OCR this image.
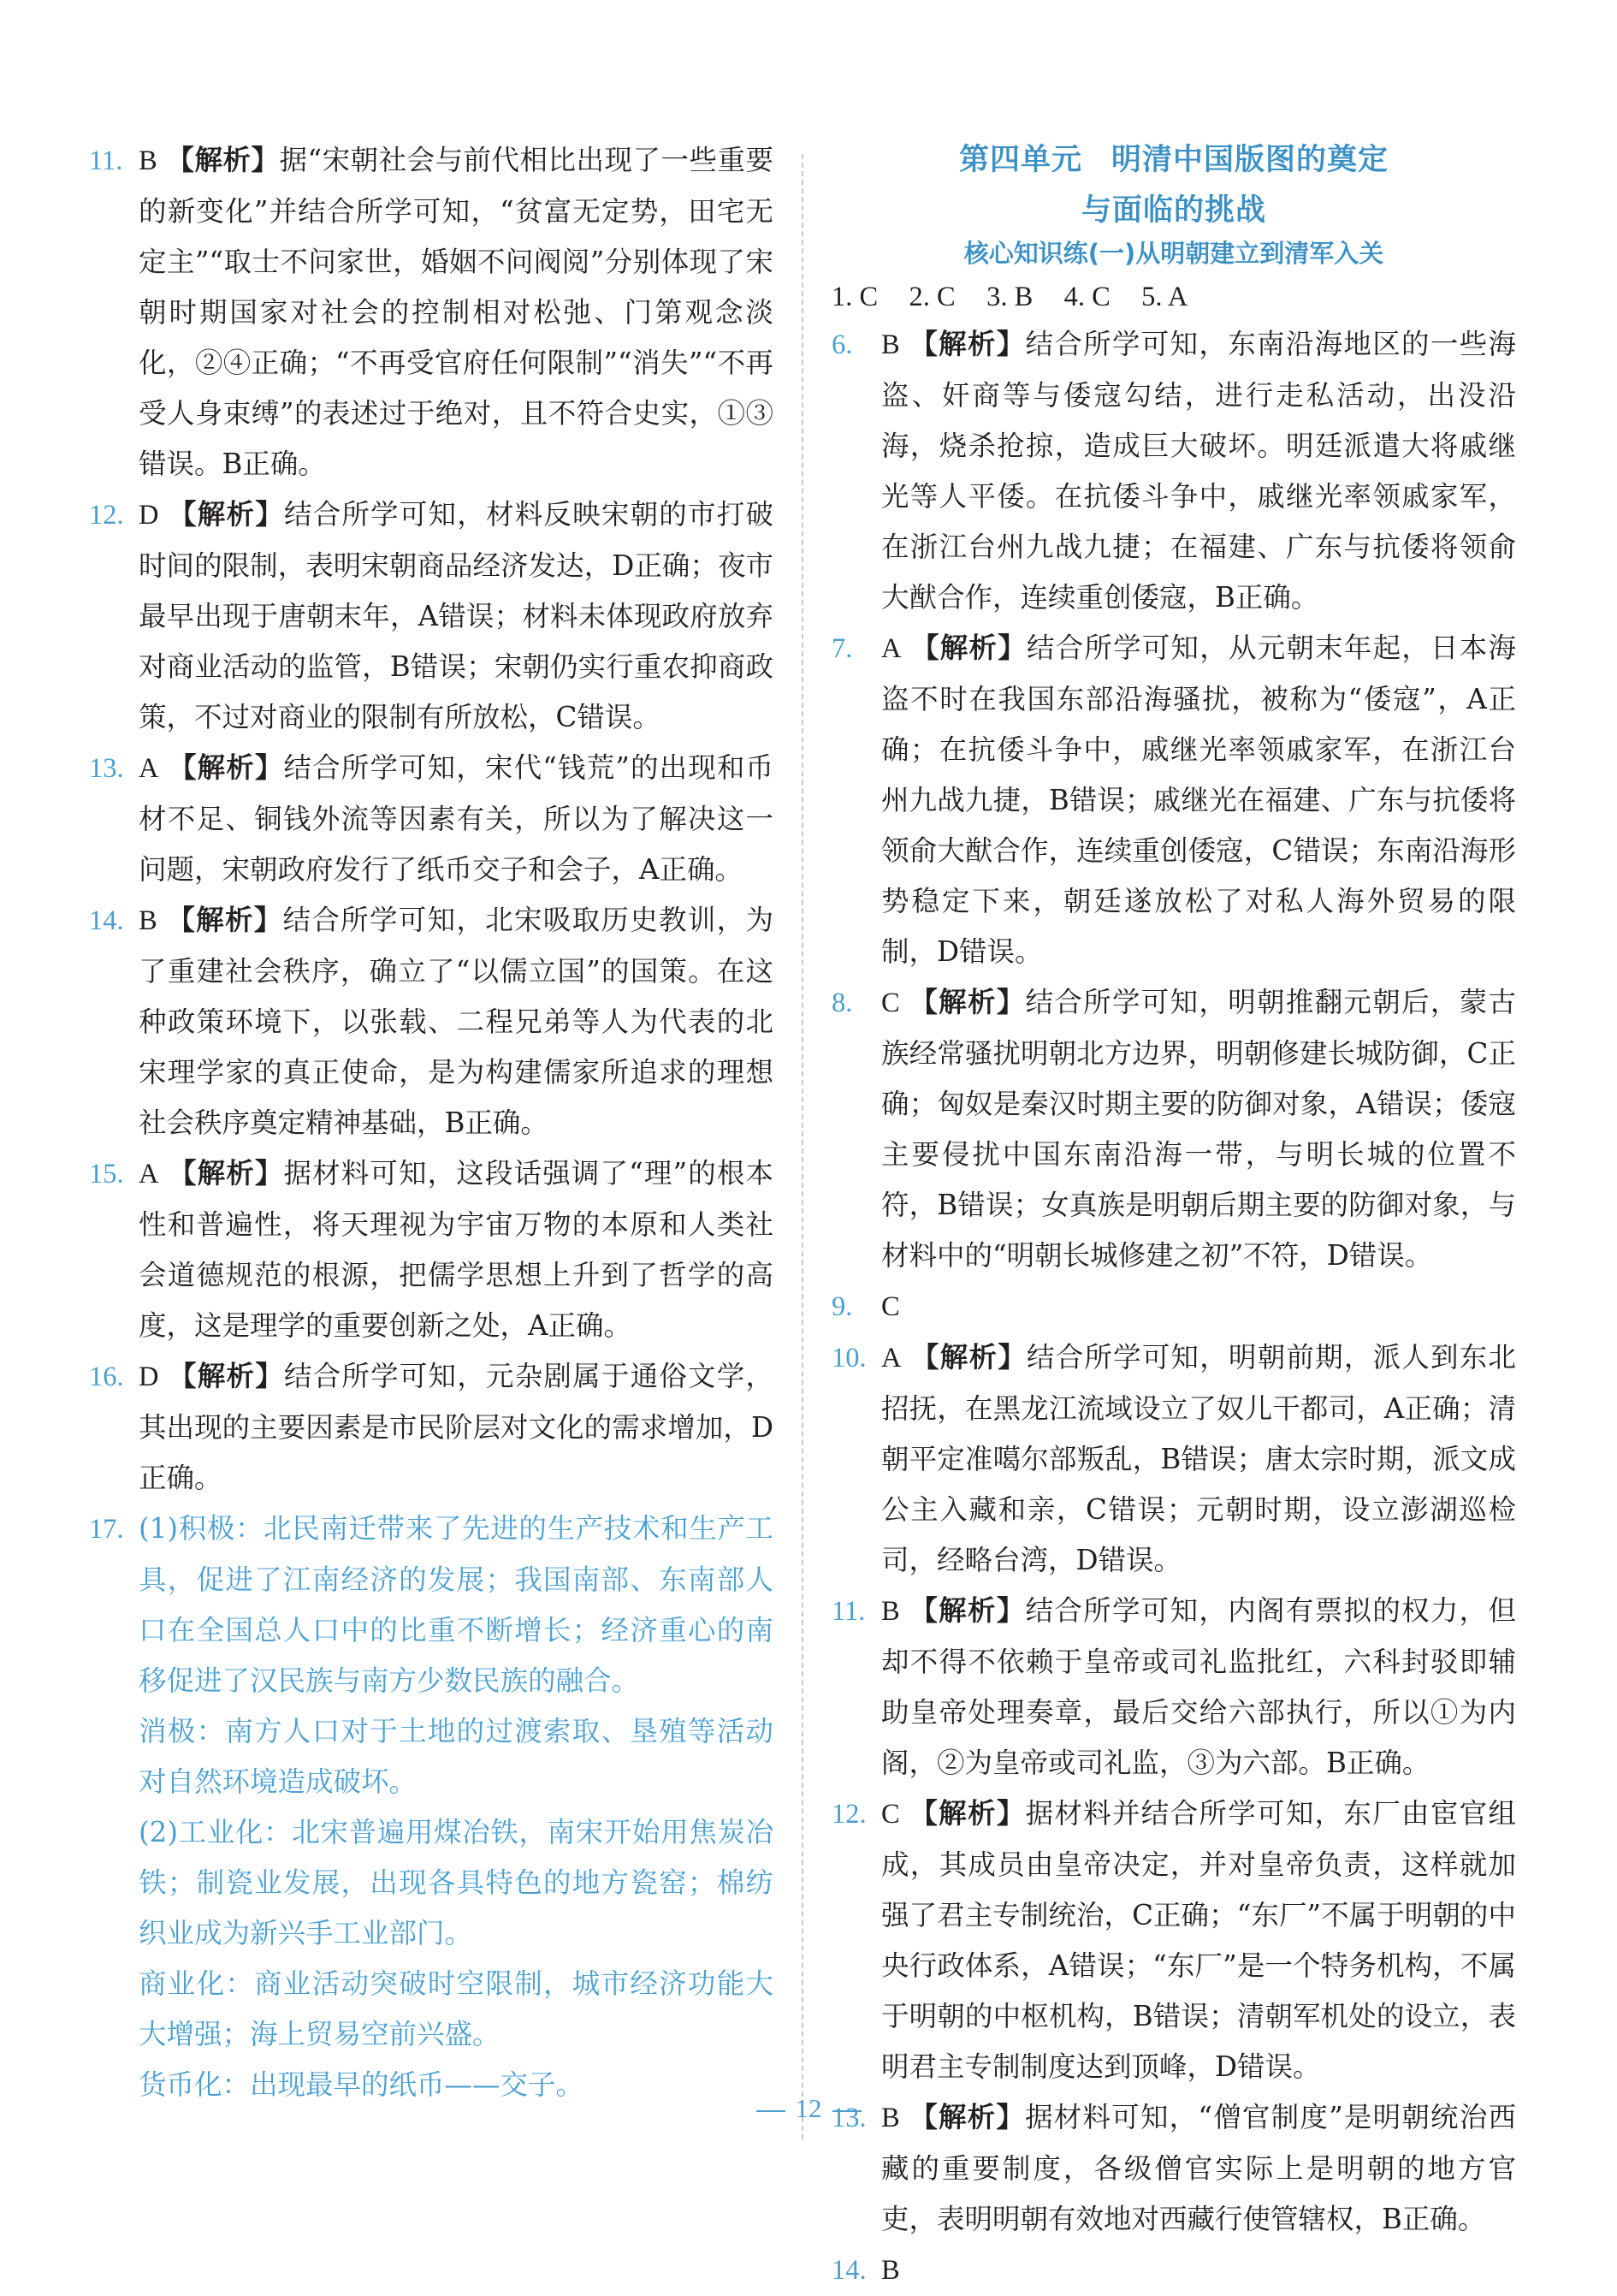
11. B 【解析】据“宋朝社会与前代相比出现了一些重要的新变化”并结合所学可知，“贫富无定势，田宅无定主”“取士不问家世，婚姻不问阀阅”分别体现了宋朝时期国家对社会的控制相对松弛、门第观念淡化，②④正确；“不再受官府任何限制”“消失”“不再受人身束缚”的表述过于绝对，且不符合史实，①③错误。B正确。
12. D 【解析】结合所学可知，材料反映宋朝的市打破时间的限制，表明宋朝商品经济发达，D正确；夜市最早出现于唐朝末年，A错误；材料未体现政府放弃对商业活动的监管，B错误；宋朝仍实行重农抑商政策，不过对商业的限制有所放松，C错误。
13. A 【解析】结合所学可知，宋代“钱荒”的出现和币材不足、铜钱外流等因素有关，所以为了解决这一问题，宋朝政府发行了纸币交子和会子，A正确。
14. B 【解析】结合所学可知，北宋吸取历史教训，为了重建社会秩序，确立了“以儒立国”的国策。在这种政策环境下，以张载、二程兄弟等人为代表的北宋理学家的真正使命，是为构建儒家所追求的理想社会秩序奠定精神基础，B正确。
15. A 【解析】据材料可知，这段话强调了“理”的根本性和普遍性，将天理视为宇宙万物的本原和人类社会道德规范的根源，把儒学思想上升到了哲学的高度，这是理学的重要创新之处，A正确。
16. D 【解析】结合所学可知，元杂剧属于通俗文学，其出现的主要因素是市民阶层对文化的需求增加，D正确。
17. (1)积极：北民南迁带来了先进的生产技术和生产工具，促进了江南经济的发展；我国南部、东南部人口在全国总人口中的比重不断增长；经济重心的南移促进了汉民族与南方少数民族的融合。
消极：南方人口对于土地的过渡索取、垦殖等活动对自然环境造成破坏。
(2)工业化：北宋普遍用煤冶铁，南宋开始用焦炭冶铁；制瓷业发展，出现各具特色的地方瓷窑；棉纺织业成为新兴手工业部门。
商业化：商业活动突破时空限制，城市经济功能大大增强；海上贸易空前兴盛。
货币化：出现最早的纸币——交子。
第四单元 明清中国版图的奠定
与面临的挑战
核心知识练(一)从明朝建立到清军入关
1. C 2. C 3. B 4. C 5. A
6. B 【解析】结合所学可知，东南沿海地区的一些海盗、奸商等与倭寇勾结，进行走私活动，出没沿海，烧杀抢掠，造成巨大破坏。明廷派遣大将戚继光等人平倭。在抗倭斗争中，戚继光率领戚家军，在浙江台州九战九捷；在福建、广东与抗倭将领俞大猷合作，连续重创倭寇，B正确。
7. A 【解析】结合所学可知，从元朝末年起，日本海盗不时在我国东部沿海骚扰，被称为“倭寇”，A正确；在抗倭斗争中，戚继光率领戚家军，在浙江台州九战九捷，B错误；戚继光在福建、广东与抗倭将领俞大猷合作，连续重创倭寇，C错误；东南沿海形势稳定下来，朝廷遂放松了对私人海外贸易的限制，D错误。
8. C 【解析】结合所学可知，明朝推翻元朝后，蒙古族经常骚扰明朝北方边界，明朝修建长城防御，C正确；匈奴是秦汉时期主要的防御对象，A错误；倭寇主要侵扰中国东南沿海一带，与明长城的位置不符，B错误；女真族是明朝后期主要的防御对象，与材料中的“明朝长城修建之初”不符，D错误。
9. C
10. A 【解析】结合所学可知，明朝前期，派人到东北招抚，在黑龙江流域设立了奴儿干都司，A正确；清朝平定准噶尔部叛乱，B错误；唐太宗时期，派文成公主入藏和亲，C错误；元朝时期，设立澎湖巡检司，经略台湾，D错误。
11. B 【解析】结合所学可知，内阁有票拟的权力，但却不得不依赖于皇帝或司礼监批红，六科封驳即辅助皇帝处理奏章，最后交给六部执行，所以①为内阁，②为皇帝或司礼监，③为六部。B正确。
12. C 【解析】据材料并结合所学可知，东厂由宦官组成，其成员由皇帝决定，并对皇帝负责，这样就加强了君主专制统治，C正确；“东厂”不属于明朝的中央行政体系，A错误；“东厂”是一个特务机构，不属于明朝的中枢机构，B错误；清朝军机处的设立，表明君主专制制度达到顶峰，D错误。
13. B 【解析】据材料可知，“僧官制度”是明朝统治西藏的重要制度，各级僧官实际上是明朝的地方官吏，表明明朝有效地对西藏行使管辖权，B正确。
14. B
12
